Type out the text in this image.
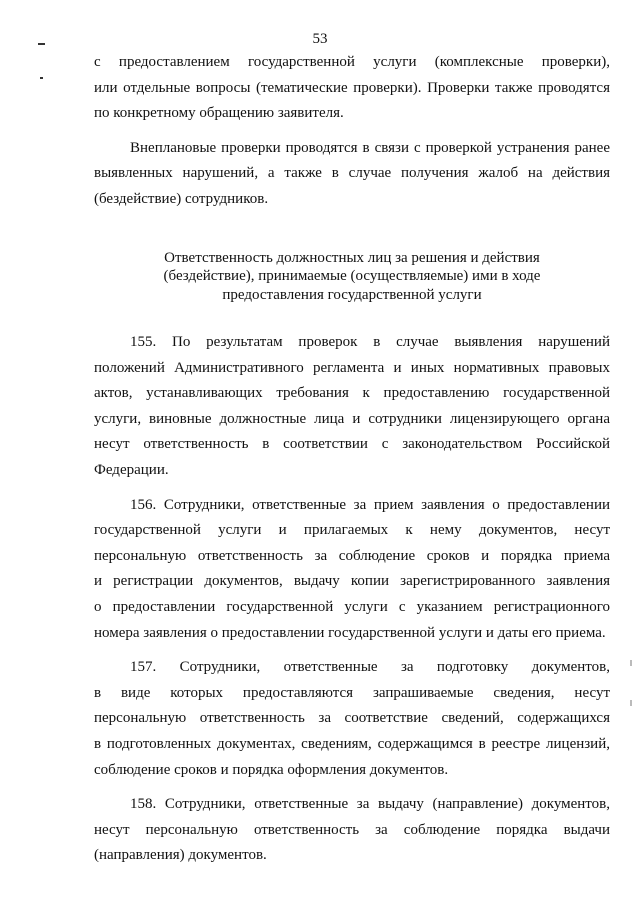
53
с предоставлением государственной услуги (комплексные проверки),
или отдельные вопросы (тематические проверки). Проверки также проводятся
по конкретному обращению заявителя.
Внеплановые проверки проводятся в связи с проверкой устранения ранее
выявленных нарушений, а также в случае получения жалоб на действия
(бездействие) сотрудников.
Ответственность должностных лиц за решения и действия
(бездействие), принимаемые (осуществляемые) ими в ходе
предоставления государственной услуги
155. По результатам проверок в случае выявления нарушений
положений Административного регламента и иных нормативных правовых
актов, устанавливающих требования к предоставлению государственной
услуги, виновные должностные лица и сотрудники лицензирующего органа
несут ответственность в соответствии с законодательством Российской
Федерации.
156. Сотрудники, ответственные за прием заявления о предоставлении
государственной услуги и прилагаемых к нему документов, несут
персональную ответственность за соблюдение сроков и порядка приема
и регистрации документов, выдачу копии зарегистрированного заявления
о предоставлении государственной услуги с указанием регистрационного
номера заявления о предоставлении государственной услуги и даты его приема.
157. Сотрудники, ответственные за подготовку документов,
в виде которых предоставляются запрашиваемые сведения, несут
персональную ответственность за соответствие сведений, содержащихся
в подготовленных документах, сведениям, содержащимся в реестре лицензий,
соблюдение сроков и порядка оформления документов.
158. Сотрудники, ответственные за выдачу (направление) документов,
несут персональную ответственность за соблюдение порядка выдачи
(направления) документов.
